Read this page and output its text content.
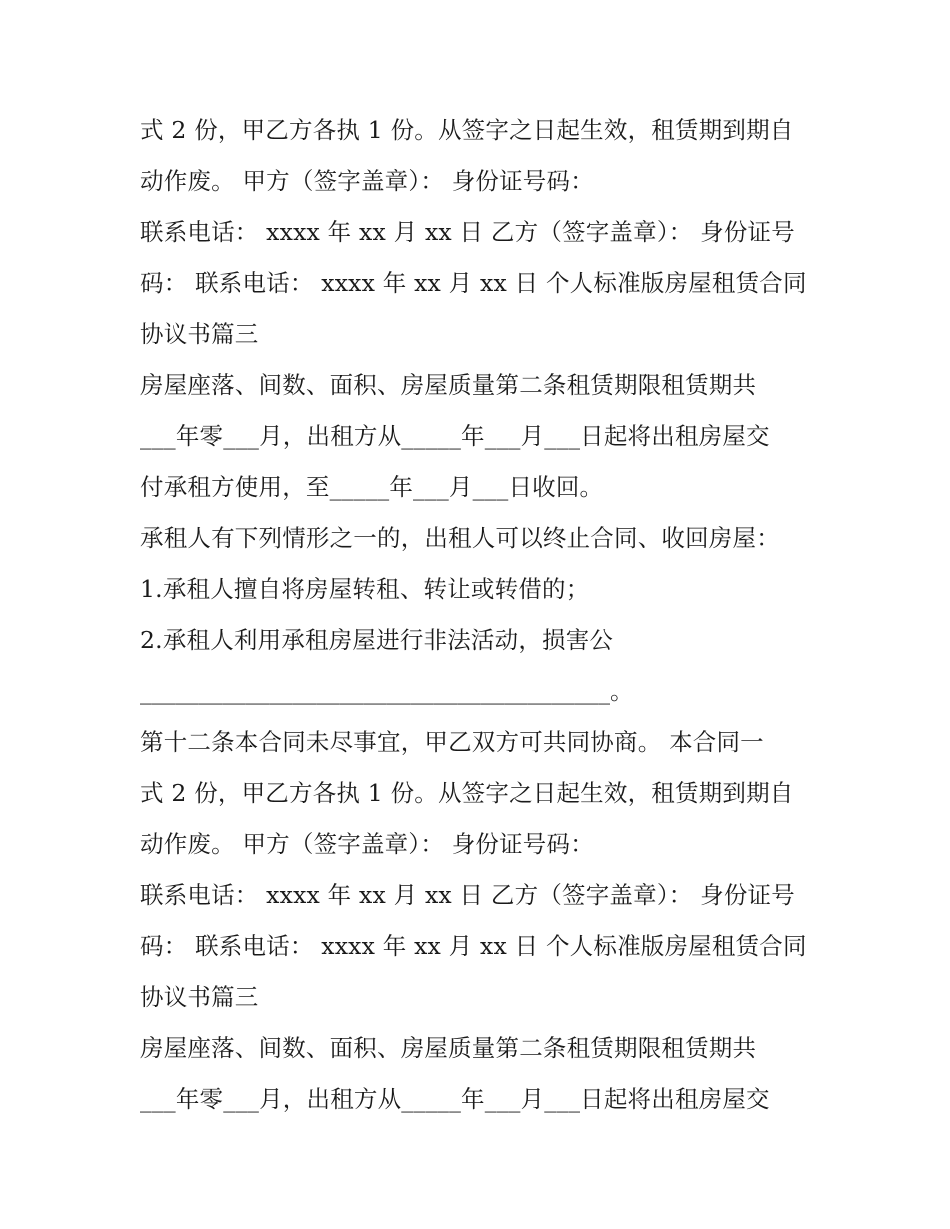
式 2 份，甲乙方各执 1 份。从签字之日起生效，租赁期到期自
动作废。 甲方（签字盖章）： 身份证号码：
联系电话： xxxx 年 xx 月 xx 日 乙方（签字盖章）： 身份证号
码： 联系电话： xxxx 年 xx 月 xx 日 个人标准版房屋租赁合同
协议书篇三
房屋座落、间数、面积、房屋质量第二条租赁期限租赁期共
___年零___月，出租方从_____年___月___日起将出租房屋交
付承租方使用，至_____年___月___日收回。
承租人有下列情形之一的，出租人可以终止合同、收回房屋：
1.承租人擅自将房屋转租、转让或转借的；
2.承租人利用承租房屋进行非法活动，损害公
________________________________________。
第十二条本合同未尽事宜，甲乙双方可共同协商。 本合同一
式 2 份，甲乙方各执 1 份。从签字之日起生效，租赁期到期自
动作废。 甲方（签字盖章）： 身份证号码：
联系电话： xxxx 年 xx 月 xx 日 乙方（签字盖章）： 身份证号
码： 联系电话： xxxx 年 xx 月 xx 日 个人标准版房屋租赁合同
协议书篇三
房屋座落、间数、面积、房屋质量第二条租赁期限租赁期共
___年零___月，出租方从_____年___月___日起将出租房屋交
